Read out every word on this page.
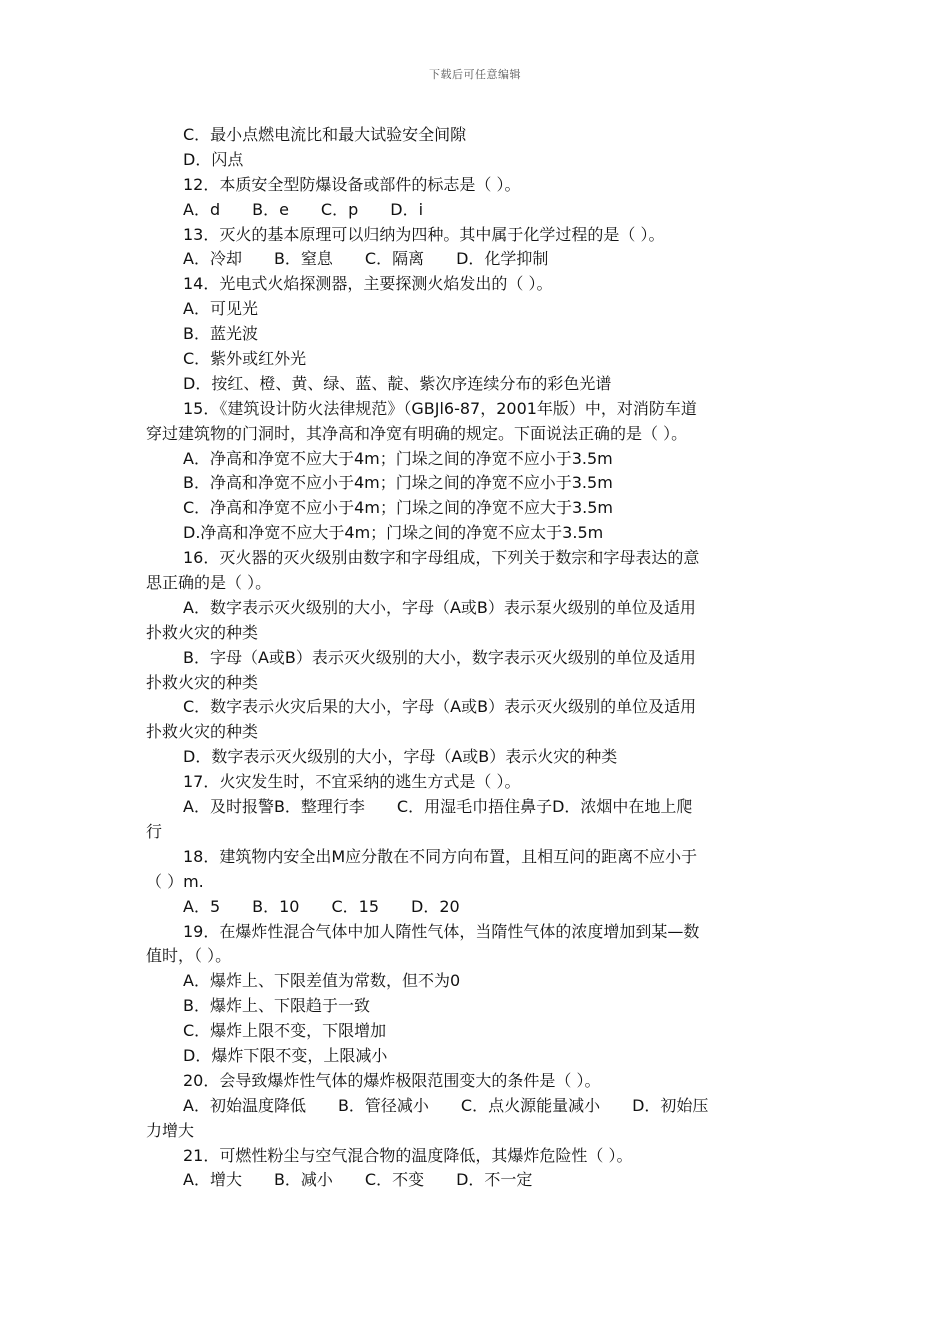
下载后可任意编辑
C．最小点燃电流比和最大试验安全间隙
D．闪点
12．本质安全型防爆设备或部件的标志是（ ）。
A．d　　B．e　　C．p　　D．i
13．灭火的基本原理可以归纳为四种。其中属于化学过程的是（ ）。
A．冷却　　B．窒息　　C．隔离　　D．化学抑制
14．光电式火焰探测器，主要探测火焰发出的（ ）。
A．可见光
B．蓝光波
C．紫外或红外光
D．按红、橙、黄、绿、蓝、靛、紫次序连续分布的彩色光谱
15．《建筑设计防火法律规范》（GBJl6-87，2001年版）中，对消防车道
穿过建筑物的门洞时，其净高和净宽有明确的规定。下面说法正确的是（ ）。
A．净高和净宽不应大于4m；门垛之间的净宽不应小于3.5m
B．净高和净宽不应小于4m；门垛之间的净宽不应小于3.5m
C．净高和净宽不应小于4m；门垛之间的净宽不应大于3.5m
D.净高和净宽不应大于4m；门垛之间的净宽不应太于3.5m
16．灭火器的灭火级别由数字和字母组成，下列关于数宗和字母表达的意
思正确的是（ ）。
A．数字表示灭火级别的大小，字母（A或B）表示泵火级别的单位及适用
扑救火灾的种类
B．字母（A或B）表示灭火级别的大小，数字表示灭火级别的单位及适用
扑救火灾的种类
C．数字表示火灾后果的大小，字母（A或B）表示灭火级别的单位及适用
扑救火灾的种类
D．数字表示灭火级别的大小，字母（A或B）表示火灾的种类
17．火灾发生时，不宜采纳的逃生方式是（ ）。
A．及时报警B．整理行李　　C．用湿毛巾捂住鼻子D．浓烟中在地上爬
行
18．建筑物内安全出M应分散在不同方向布置，且相互问的距离不应小于
（ ）m.
A．5　　B．10　　C．15　　D．20
19．在爆炸性混合气体中加人隋性气体，当隋性气体的浓度增加到某—数
值时，（ ）。
A．爆炸上、下限差值为常数，但不为0
B．爆炸上、下限趋于一致
C．爆炸上限不变，下限增加
D．爆炸下限不变，上限减小
20．会导致爆炸性气体的爆炸极限范围变大的条件是（ ）。
A．初始温度降低　　B．管径减小　　C．点火源能量减小　　D．初始压
力增大
21．可燃性粉尘与空气混合物的温度降低，其爆炸危险性（ ）。
A．增大　　B．减小　　C．不变　　D．不一定
